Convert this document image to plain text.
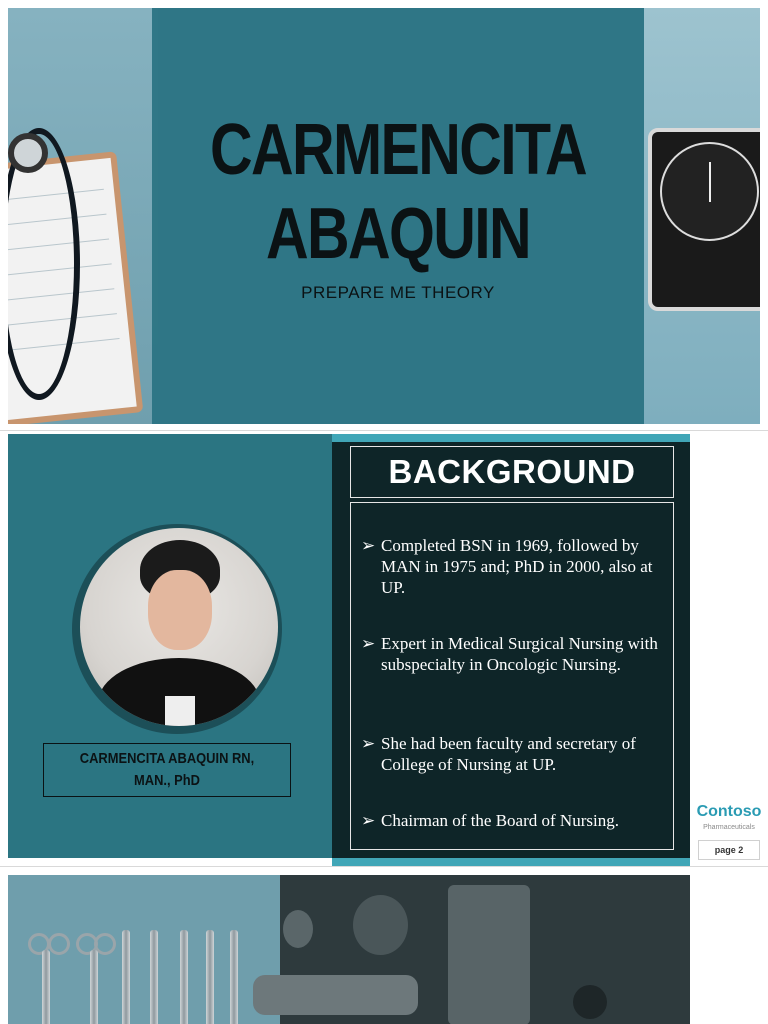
CARMENCITA
ABAQUIN
PREPARE ME THEORY
BACKGROUND
➢ Completed BSN in 1969, followed by MAN in 1975 and; PhD in 2000, also at UP.
➢ Expert in Medical Surgical Nursing with subspecialty in Oncologic Nursing.
➢ She had been faculty and secretary of College of Nursing at UP.
➢ Chairman of the Board of Nursing.
CARMENCITA ABAQUIN RN,
MAN., PhD
Contoso
Pharmaceuticals
page 2
